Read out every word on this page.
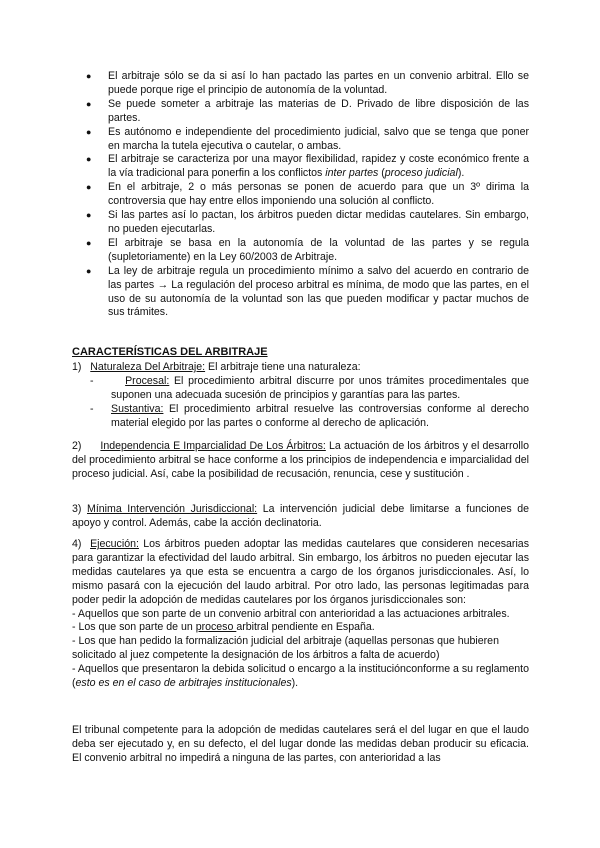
● El arbitraje sólo se da si así lo han pactado las partes en un convenio arbitral. Ello se puede porque rige el principio de autonomía de la voluntad.
● Se puede someter a arbitraje las materias de D. Privado de libre disposición de las partes.
● Es autónomo e independiente del procedimiento judicial, salvo que se tenga que poner en marcha la tutela ejecutiva o cautelar, o ambas.
● El arbitraje se caracteriza por una mayor flexibilidad, rapidez y coste económico frente a la vía tradicional para ponerfin a los conflictos inter partes (proceso judicial).
● En el arbitraje, 2 o más personas se ponen de acuerdo para que un 3º dirima la controversia que hay entre ellos imponiendo una solución al conflicto.
● Si las partes así lo pactan, los árbitros pueden dictar medidas cautelares. Sin embargo, no pueden ejecutarlas.
● El arbitraje se basa en la autonomía de la voluntad de las partes y se regula (supletoriamente) en la Ley 60/2003 de Arbitraje.
● La ley de arbitraje regula un procedimiento mínimo a salvo del acuerdo en contrario de las partes → La regulación del proceso arbitral es mínima, de modo que las partes, en el uso de su autonomía de la voluntad son las que pueden modificar y pactar muchos de sus trámites.
CARACTERÍSTICAS DEL ARBITRAJE

1) Naturaleza Del Arbitraje: El arbitraje tiene una naturaleza:

-	Procesal: El procedimiento arbitral discurre por unos trámites procedimentales que suponen una adecuada sucesión de principios y garantías para las partes.

-	Sustantiva: El procedimiento arbitral resuelve las controversias conforme al derecho material elegido por las partes o conforme al derecho de aplicación.

2) Independencia E Imparcialidad De Los Árbitros: La actuación de los árbitros y el desarrollo del procedimiento arbitral se hace conforme a los principios de independencia e imparcialidad del proceso judicial. Así, cabe la posibilidad de recusación, renuncia, cese y sustitución .

3) Mínima Intervención Jurisdiccional: La intervención judicial debe limitarse a funciones de apoyo y control. Además, cabe la acción declinatoria.

4) Ejecución: Los árbitros pueden adoptar las medidas cautelares que consideren necesarias para garantizar la efectividad del laudo arbitral. Sin embargo, los árbitros no pueden ejecutar las medidas cautelares ya que esta se encuentra a cargo de los órganos jurisdiccionales. Así, lo mismo pasará con la ejecución del laudo arbitral. Por otro lado, las personas legitimadas para poder pedir la adopción de medidas cautelares por los órganos jurisdiccionales son:

- Aquellos que son parte de un convenio arbitral con anterioridad a las actuaciones arbitrales.

- Los que son parte de un proceso arbitral pendiente en España.

- Los que han pedido la formalización judicial del arbitraje (aquellas personas que hubieren solicitado al juez competente la designación de los árbitros a falta de acuerdo)

- Aquellos que presentaron la debida solicitud o encargo a la instituciónconforme a su reglamento (esto es en el caso de arbitrajes institucionales).

El tribunal competente para la adopción de medidas cautelares será el del lugar en que el laudo deba ser ejecutado y, en su defecto, el del lugar donde las medidas deban producir su eficacia. El convenio arbitral no impedirá a ninguna de las partes, con anterioridad a las
